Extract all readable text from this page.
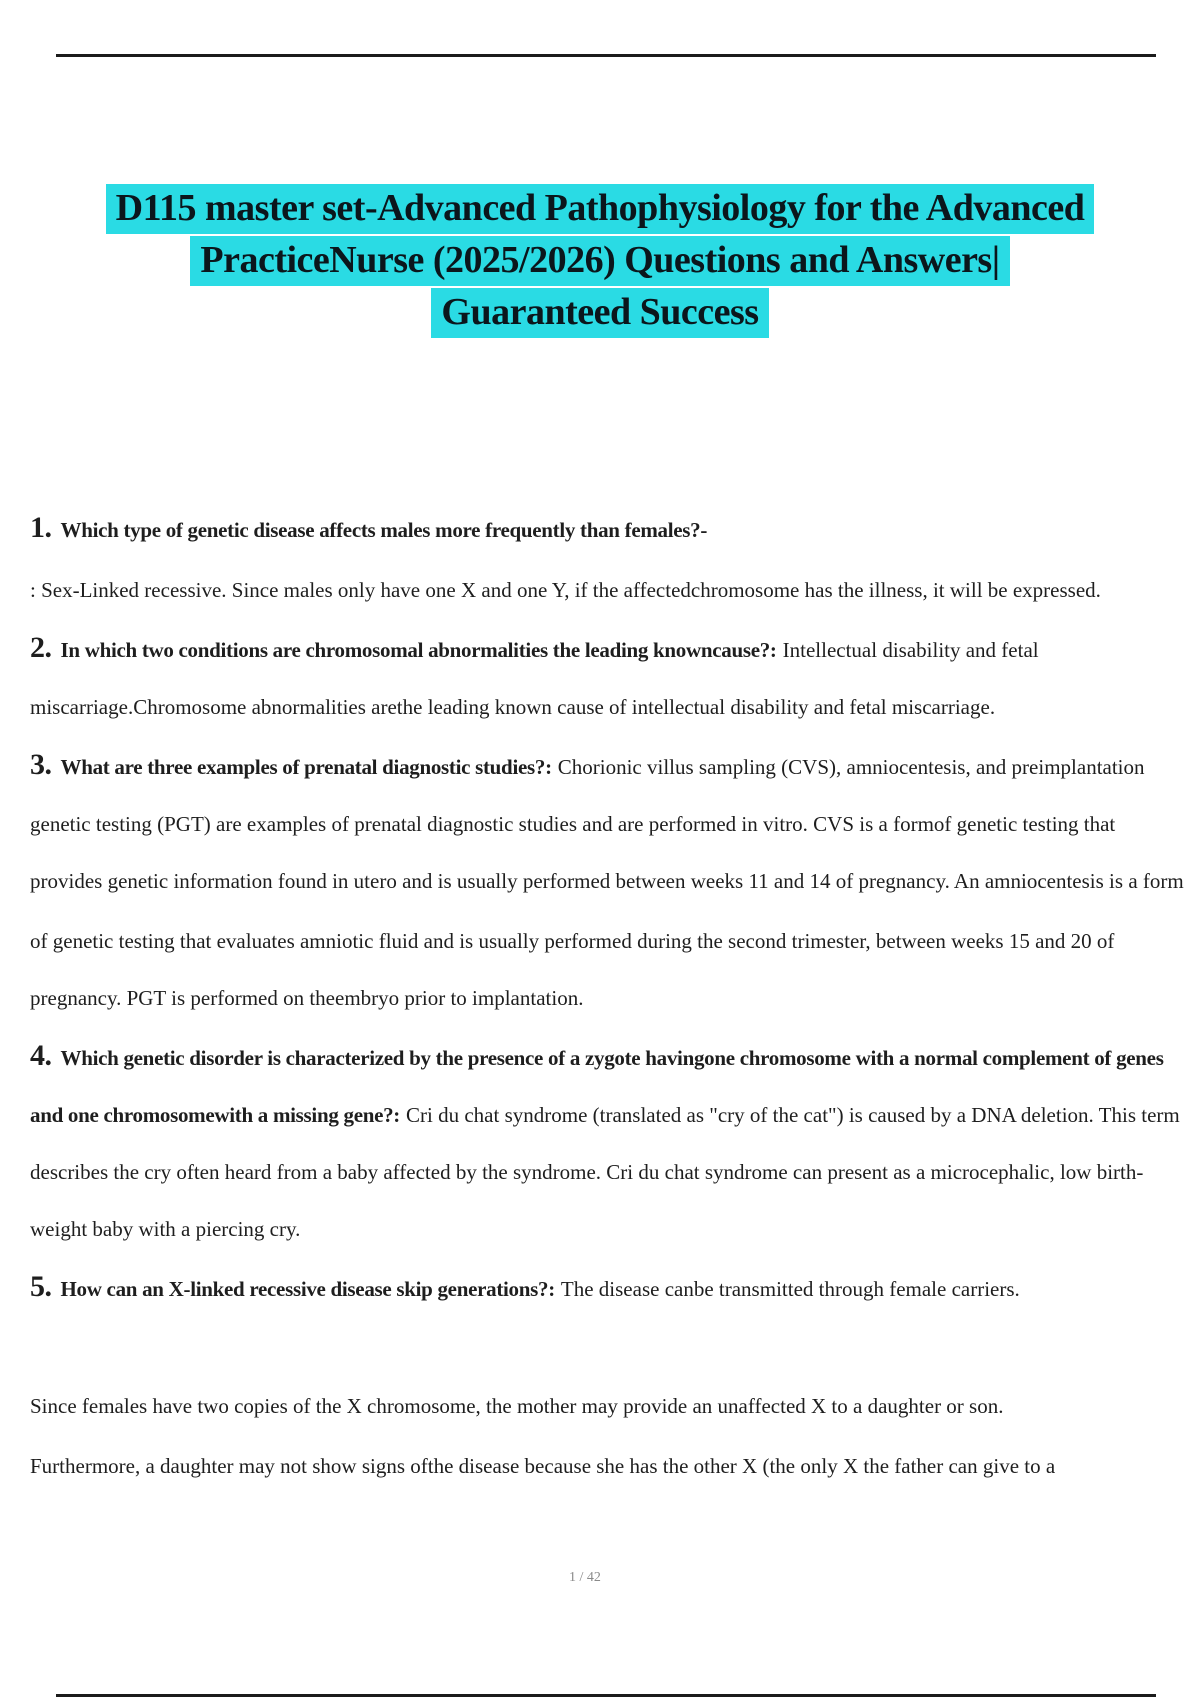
D115 master set-Advanced Pathophysiology for the Advanced
PracticeNurse (2025/2026) Questions and Answers|
Guaranteed Success

1. Which type of genetic disease affects males more frequently than females?-

: Sex-Linked recessive. Since males only have one X and one Y, if the affectedchromosome has the illness, it will be expressed.

2. In which two conditions are chromosomal abnormalities the leading knowncause?: Intellectual disability and fetal miscarriage.Chromosome abnormalities arethe leading known cause of intellectual disability and fetal miscarriage.

3. What are three examples of prenatal diagnostic studies?: Chorionic villus sampling (CVS), amniocentesis, and preimplantation genetic testing (PGT) are examples of prenatal diagnostic studies and are performed in vitro. CVS is a formof genetic testing that provides genetic information found in utero and is usually performed between weeks 11 and 14 of pregnancy. An amniocentesis is a form

of genetic testing that evaluates amniotic fluid and is usually performed during the second trimester, between weeks 15 and 20 of pregnancy. PGT is performed on theembryo prior to implantation.

4. Which genetic disorder is characterized by the presence of a zygote havingone chromosome with a normal complement of genes and one chromosomewith a missing gene?: Cri du chat syndrome (translated as "cry of the cat") is caused by a DNA deletion. This term describes the cry often heard from a baby affected by the syndrome. Cri du chat syndrome can present as a microcephalic, low birth-weight baby with a piercing cry.

5. How can an X-linked recessive disease skip generations?: The disease canbe transmitted through female carriers.

Since females have two copies of the X chromosome, the mother may provide an unaffected X to a daughter or son.

Furthermore, a daughter may not show signs ofthe disease because she has the other X (the only X the father can give to a

1 / 42
